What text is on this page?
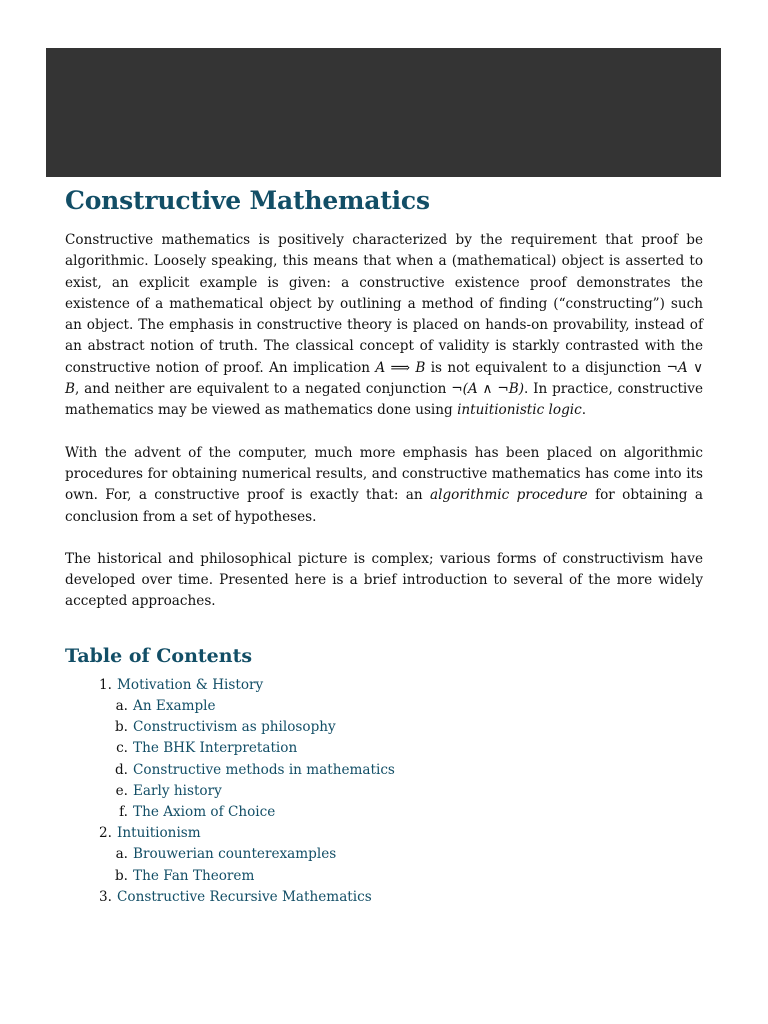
Constructive Mathematics

Constructive mathematics is positively characterized by the requirement that proof be algorithmic. Loosely speaking, this means that when a (mathematical) object is asserted to exist, an explicit example is given: a constructive existence proof demonstrates the existence of a mathematical object by outlining a method of finding (“constructing”) such an object. The emphasis in constructive theory is placed on hands-on provability, instead of an abstract notion of truth. The classical concept of validity is starkly contrasted with the constructive notion of proof. An implication A ⟹ B is not equivalent to a disjunction ¬A ∨ B, and neither are equivalent to a negated conjunction ¬(A ∧ ¬B). In practice, constructive mathematics may be viewed as mathematics done using intuitionistic logic.

With the advent of the computer, much more emphasis has been placed on algorithmic procedures for obtaining numerical results, and constructive mathematics has come into its own. For, a constructive proof is exactly that: an algorithmic procedure for obtaining a conclusion from a set of hypotheses.

The historical and philosophical picture is complex; various forms of constructivism have developed over time. Presented here is a brief introduction to several of the more widely accepted approaches.

Table of Contents
1. Motivation & History
a. An Example
b. Constructivism as philosophy
c. The BHK Interpretation
d. Constructive methods in mathematics
e. Early history
f. The Axiom of Choice
2. Intuitionism
a. Brouwerian counterexamples
b. The Fan Theorem
3. Constructive Recursive Mathematics
